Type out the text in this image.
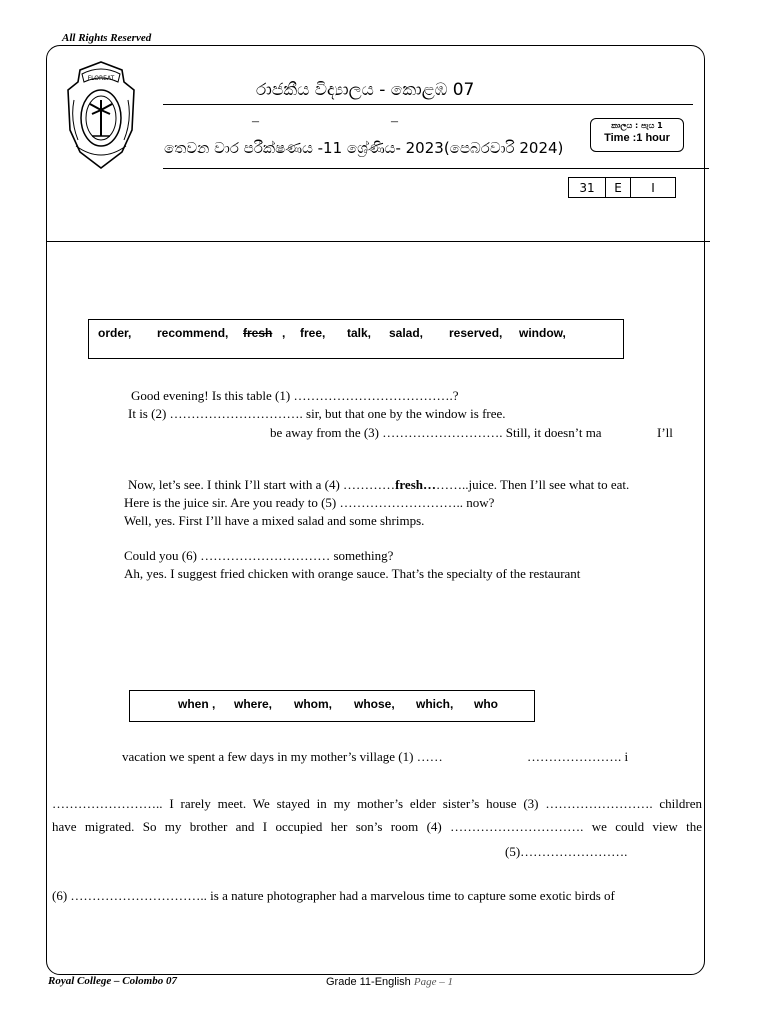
All Rights Reserved
FLOREAT
රාජකීය විද්‍යාලය - කොළඹ 07
–	–
තෙවන වාර පරීක්ෂණය -11 ශ්‍රේණිය- 2023(පෙබරවාරි 2024)
කාලය : පැය 1
Time :1 hour
31	E	I
order, recommend, fresh , free, talk, salad, reserved, window,
Good evening! Is this table (1) ……………………………….?
It is (2) …………………………. sir, but that one by the window is free.
be away from the (3) ………………………. Still, it doesn’t ma	I’ll
Now, let’s see. I think I’ll start with a (4) …………fresh………..juice. Then I’ll see what to eat.
Here is the juice sir. Are you ready to (5) ……………………….. now?
Well, yes. First I’ll have a mixed salad and some shrimps.
Could you (6) ………………………… something?
Ah, yes. I suggest fried chicken with orange sauce. That’s the specialty of the restaurant
when , where, whom, whose, which, who
vacation we spent a few days in my mother’s village (1) ……	…………………. i
…………………….. I rarely meet. We stayed in my mother’s elder sister’s house (3) ……………………. children
have migrated. So my brother and I occupied her son’s room (4) …………………………. we could view the
(5)…………………….
(6) ………………………….. is a nature photographer had a marvelous time to capture some exotic birds of
Royal College – Colombo 07	Grade 11-English Page – 1
